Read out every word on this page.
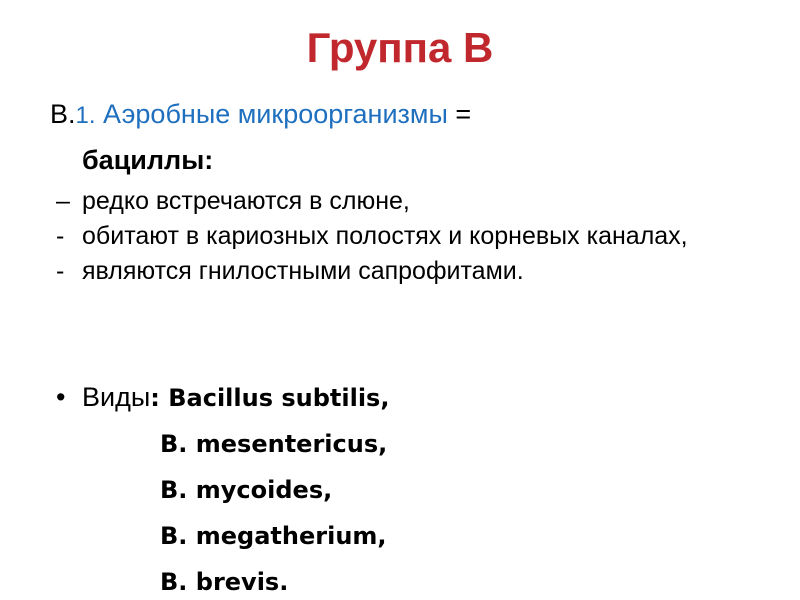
Группа В
В.1. Аэробные микроорганизмы =
бациллы:
– редко встречаются в слюне,
- обитают в кариозных полостях и корневых каналах,
- являются гнилостными сапрофитами.
• Виды: Bacillus subtilis,
B. mesentericus,
B. mycoides,
B. megatherium,
B. brevis.
